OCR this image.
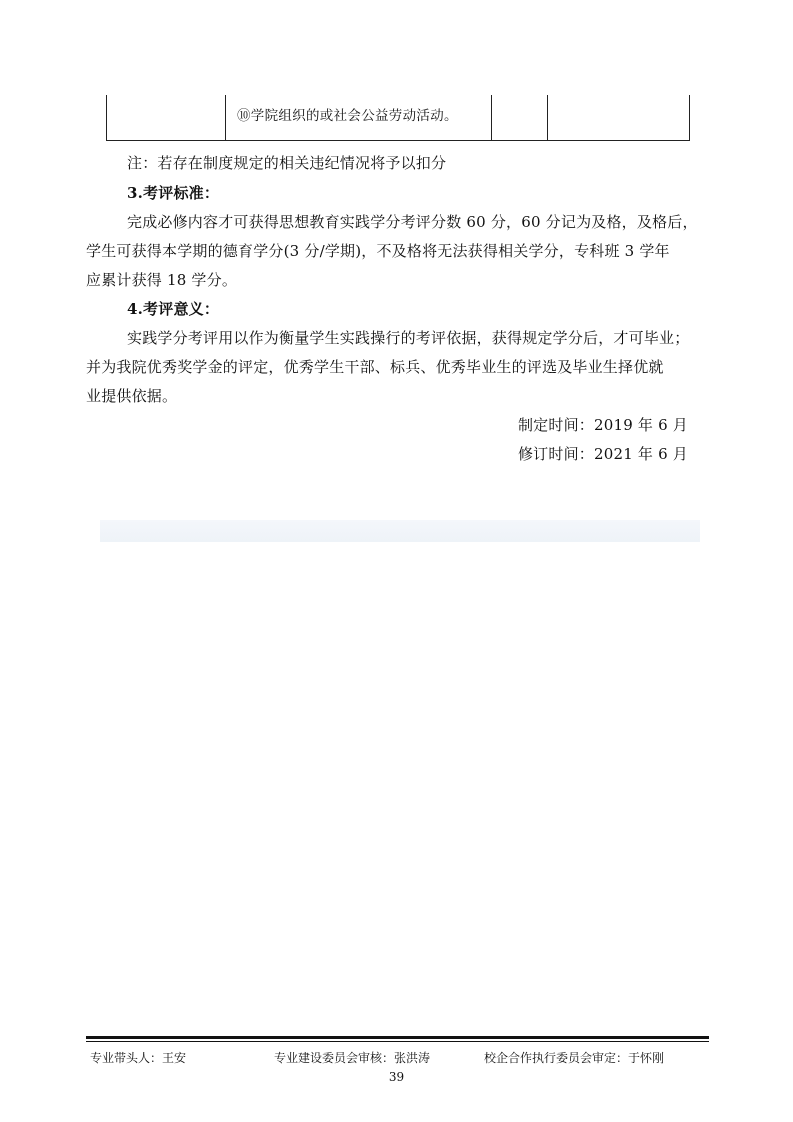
⑩学院组织的或社会公益劳动活动。
注：若存在制度规定的相关违纪情况将予以扣分
3.考评标准：
完成必修内容才可获得思想教育实践学分考评分数 60 分，60 分记为及格，及格后，
学生可获得本学期的德育学分(3 分/学期)，不及格将无法获得相关学分，专科班 3 学年
应累计获得 18 学分。
4.考评意义：
实践学分考评用以作为衡量学生实践操行的考评依据，获得规定学分后，才可毕业；
并为我院优秀奖学金的评定，优秀学生干部、标兵、优秀毕业生的评选及毕业生择优就
业提供依据。
制定时间：2019 年 6 月
修订时间：2021 年 6 月
专业带头人：王安	专业建设委员会审核：张洪涛	校企合作执行委员会审定：于怀刚
39
